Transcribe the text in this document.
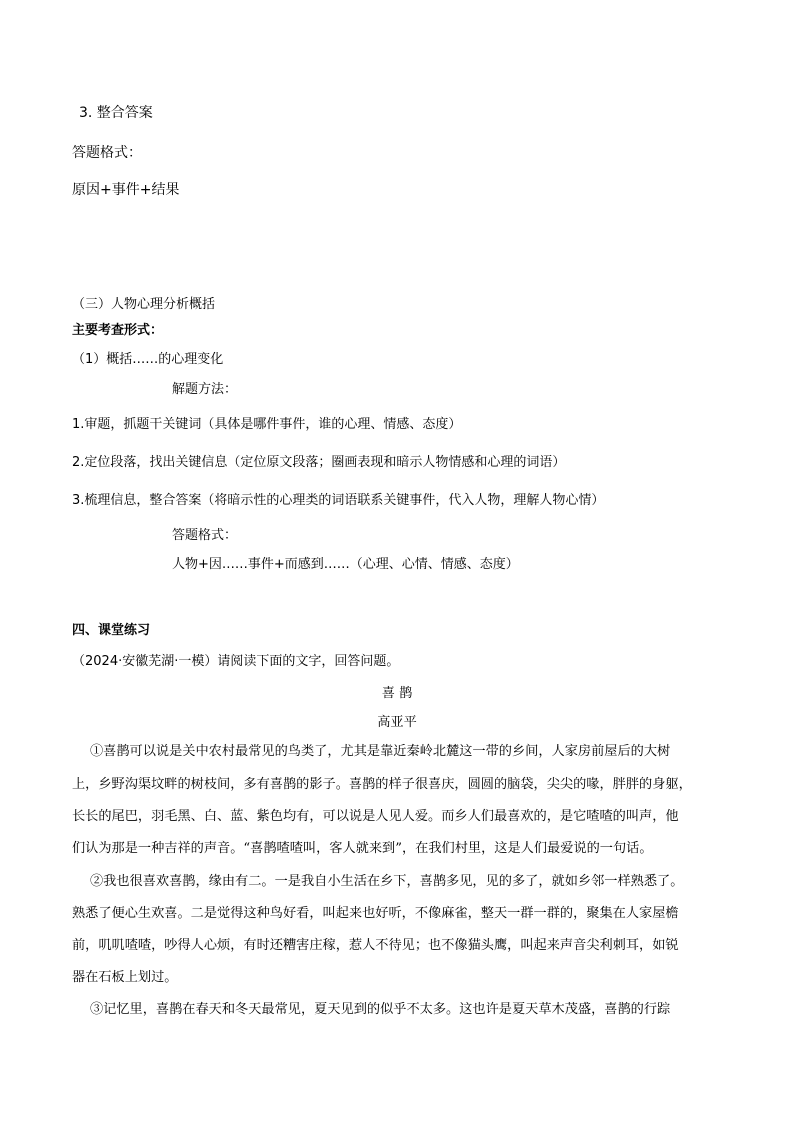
3. 整合答案
答题格式：
原因+事件+结果
（三）人物心理分析概括
主要考查形式：
（1）概括……的心理变化
解题方法：
1.审题，抓题干关键词（具体是哪件事件，谁的心理、情感、态度）
2.定位段落，找出关键信息（定位原文段落；圈画表现和暗示人物情感和心理的词语）
3.梳理信息，整合答案（将暗示性的心理类的词语联系关键事件，代入人物，理解人物心情）
答题格式：
人物+因……事件+而感到……（心理、心情、情感、态度）
四、课堂练习
（2024·安徽芜湖·一模）请阅读下面的文字，回答问题。
喜 鹊
高亚平
①喜鹊可以说是关中农村最常见的鸟类了，尤其是靠近秦岭北麓这一带的乡间，人家房前屋后的大树
上，乡野沟渠坟畔的树枝间，多有喜鹊的影子。喜鹊的样子很喜庆，圆圆的脑袋，尖尖的喙，胖胖的身躯，
长长的尾巴，羽毛黑、白、蓝、紫色均有，可以说是人见人爱。而乡人们最喜欢的，是它喳喳的叫声，他
们认为那是一种吉祥的声音。“喜鹊喳喳叫，客人就来到”，在我们村里，这是人们最爱说的一句话。
②我也很喜欢喜鹊，缘由有二。一是我自小生活在乡下，喜鹊多见，见的多了，就如乡邻一样熟悉了。
熟悉了便心生欢喜。二是觉得这种鸟好看，叫起来也好听，不像麻雀，整天一群一群的，聚集在人家屋檐
前，叽叽喳喳，吵得人心烦，有时还糟害庄稼，惹人不待见；也不像猫头鹰，叫起来声音尖利刺耳，如锐
器在石板上划过。
③记忆里，喜鹊在春天和冬天最常见，夏天见到的似乎不太多。这也许是夏天草木茂盛，喜鹊的行踪
